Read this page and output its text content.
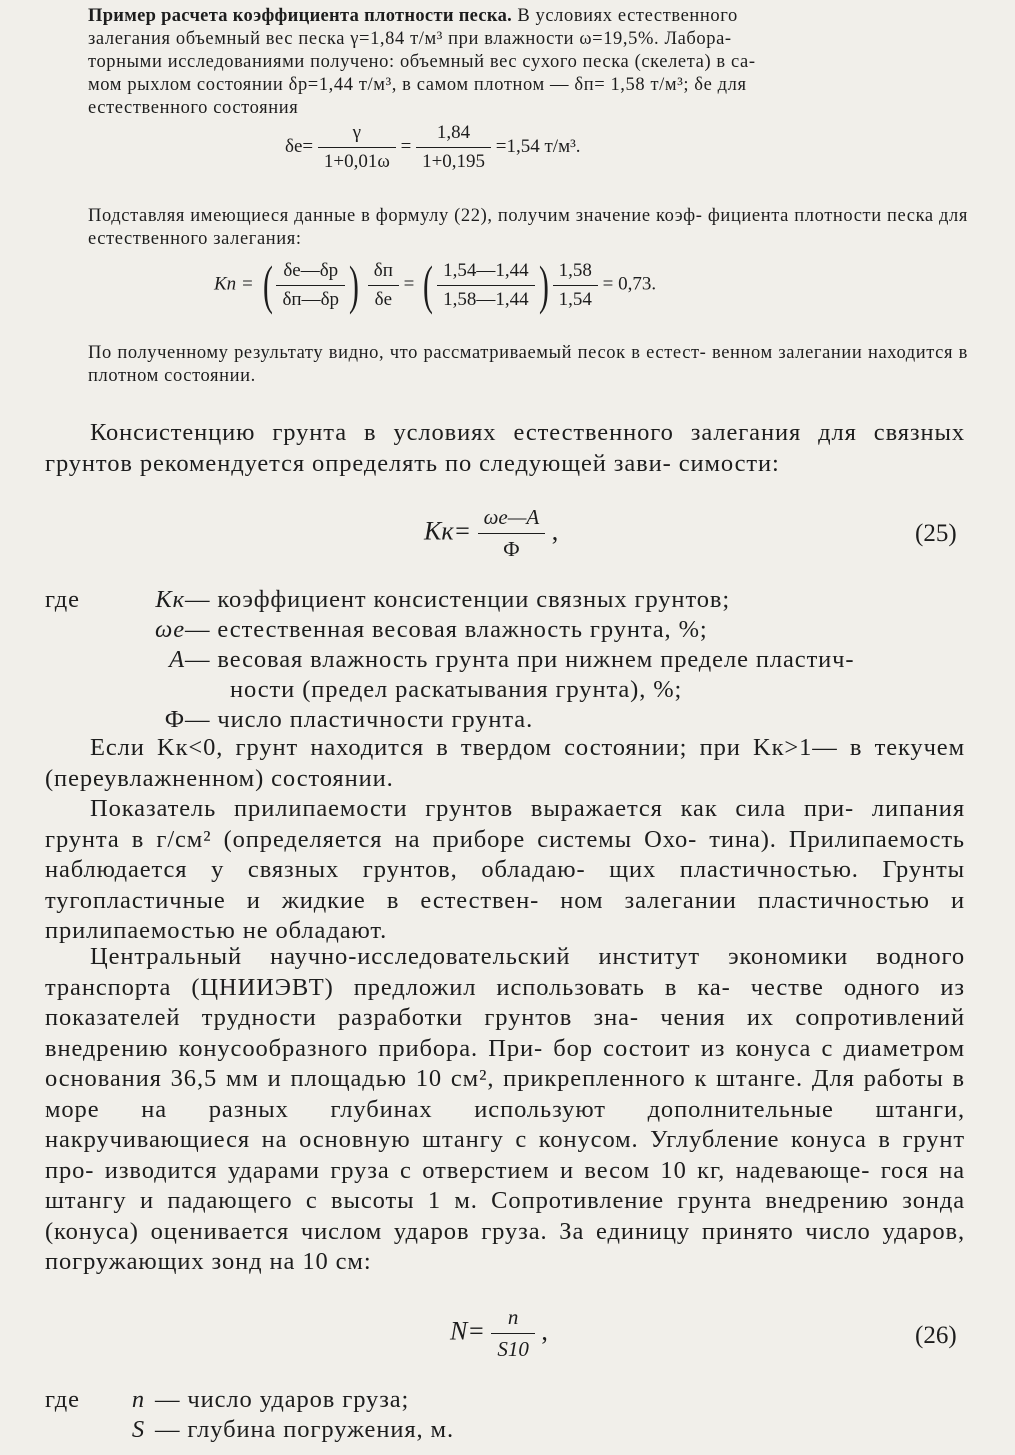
Пример расчета коэффициента плотности песка. В условиях естественного
залегания объемный вес песка γ=1,84 т/м³ при влажности ω=19,5%. Лабора-
торными исследованиями получено: объемный вес сухого песка (скелета) в са-
мом рыхлом состоянии δр=1,44 т/м³, в самом плотном — δп= 1,58 т/м³; δе для
естественного состояния
$\delta е= \frac{\gamma}{1+0,01\omega} = \frac{1,84}{1+0,195} =1,54$ т/м³.
Подставляя имеющиеся данные в формулу (22), получим значение коэф- фициента плотности песка для естественного залегания:
Kп = ( $\frac{\delta е—\delta р}{\delta п—\delta р}$ ) $\frac{\delta п}{\delta е}$ = ( $\frac{1,54—1,44}{1,58—1,44}$ ) $\frac{1,58}{1,54} = 0,73$.
По полученному результату видно, что рассматриваемый песок в естест- венном залегании находится в плотном состоянии.
Консистенцию грунта в условиях естественного залегания для связных грунтов рекомендуется определять по следующей зави- симости:
$Kк= \frac{\omega e—A}{Ф}$ ,	(25)
где	Kк — коэффициент консистенции связных грунтов;
ωe — естественная весовая влажность грунта, %;
A — весовая влажность грунта при нижнем пределе пластич-
ности (предел раскатывания грунта), %;
Ф — число пластичности грунта.
Если Kк<0, грунт находится в твердом состоянии; при Kк>1— в текучем (переувлажненном) состоянии.
Показатель прилипаемости грунтов выражается как сила при- липания грунта в г/см² (определяется на приборе системы Охо- тина). Прилипаемость наблюдается у связных грунтов, обладаю- щих пластичностью. Грунты тугопластичные и жидкие в естествен- ном залегании пластичностью и прилипаемостью не обладают.
Центральный научно-исследовательский институт экономики водного транспорта (ЦНИИЭВТ) предложил использовать в ка- честве одного из показателей трудности разработки грунтов зна- чения их сопротивлений внедрению конусообразного прибора. При- бор состоит из конуса с диаметром основания 36,5 мм и площадью 10 см², прикрепленного к штанге. Для работы в море на разных глубинах используют дополнительные штанги, накручивающиеся на основную штангу с конусом. Углубление конуса в грунт про- изводится ударами груза с отверстием и весом 10 кг, надевающе- гося на штангу и падающего с высоты 1 м. Сопротивление грунта внедрению зонда (конуса) оценивается числом ударов груза. За единицу принято число ударов, погружающих зонд на 10 см:
$N= \frac{n}{S10}$ ,	(26)
где	n — число ударов груза;
S — глубина погружения, м.
